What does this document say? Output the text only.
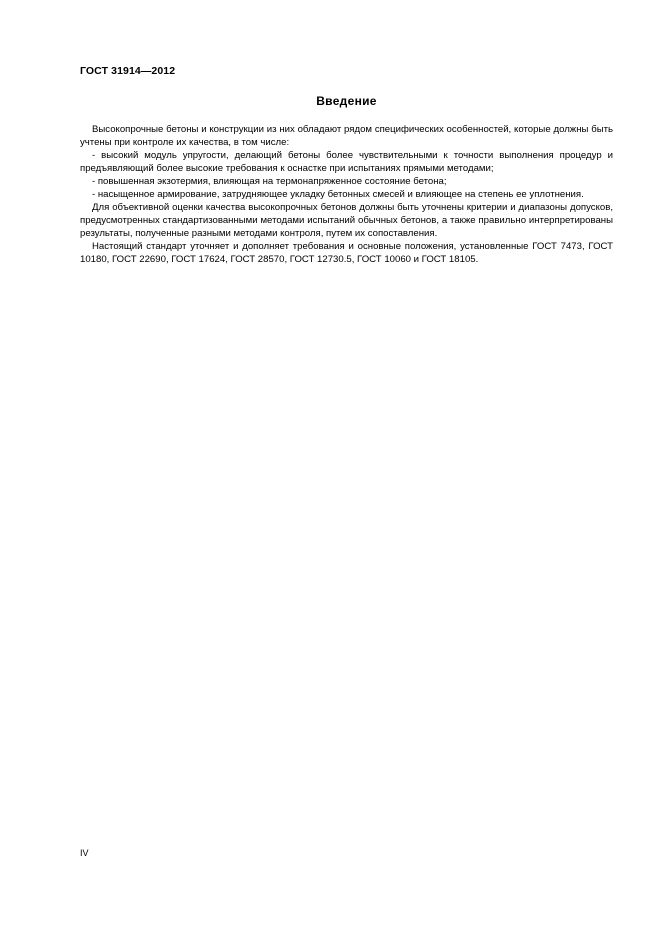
ГОСТ 31914—2012
Введение

Высокопрочные бетоны и конструкции из них обладают рядом специфических особенностей, которые должны быть учтены при контроле их качества, в том числе:

- высокий модуль упругости, делающий бетоны более чувствительными к точности выполнения процедур и предъявляющий более высокие требования к оснастке при испытаниях прямыми методами;

- повышенная экзотермия, влияющая на термонапряженное состояние бетона;

- насыщенное армирование, затрудняющее укладку бетонных смесей и влияющее на степень ее уплотнения.

Для объективной оценки качества высокопрочных бетонов должны быть уточнены критерии и диапазоны допусков, предусмотренных стандартизованными методами испытаний обычных бетонов, а также правильно интерпретированы результаты, полученные разными методами контроля, путем их сопоставления.

Настоящий стандарт уточняет и дополняет требования и основные положения, установленные ГОСТ 7473, ГОСТ 10180, ГОСТ 22690, ГОСТ 17624, ГОСТ 28570, ГОСТ 12730.5, ГОСТ 10060 и ГОСТ 18105.

IV
